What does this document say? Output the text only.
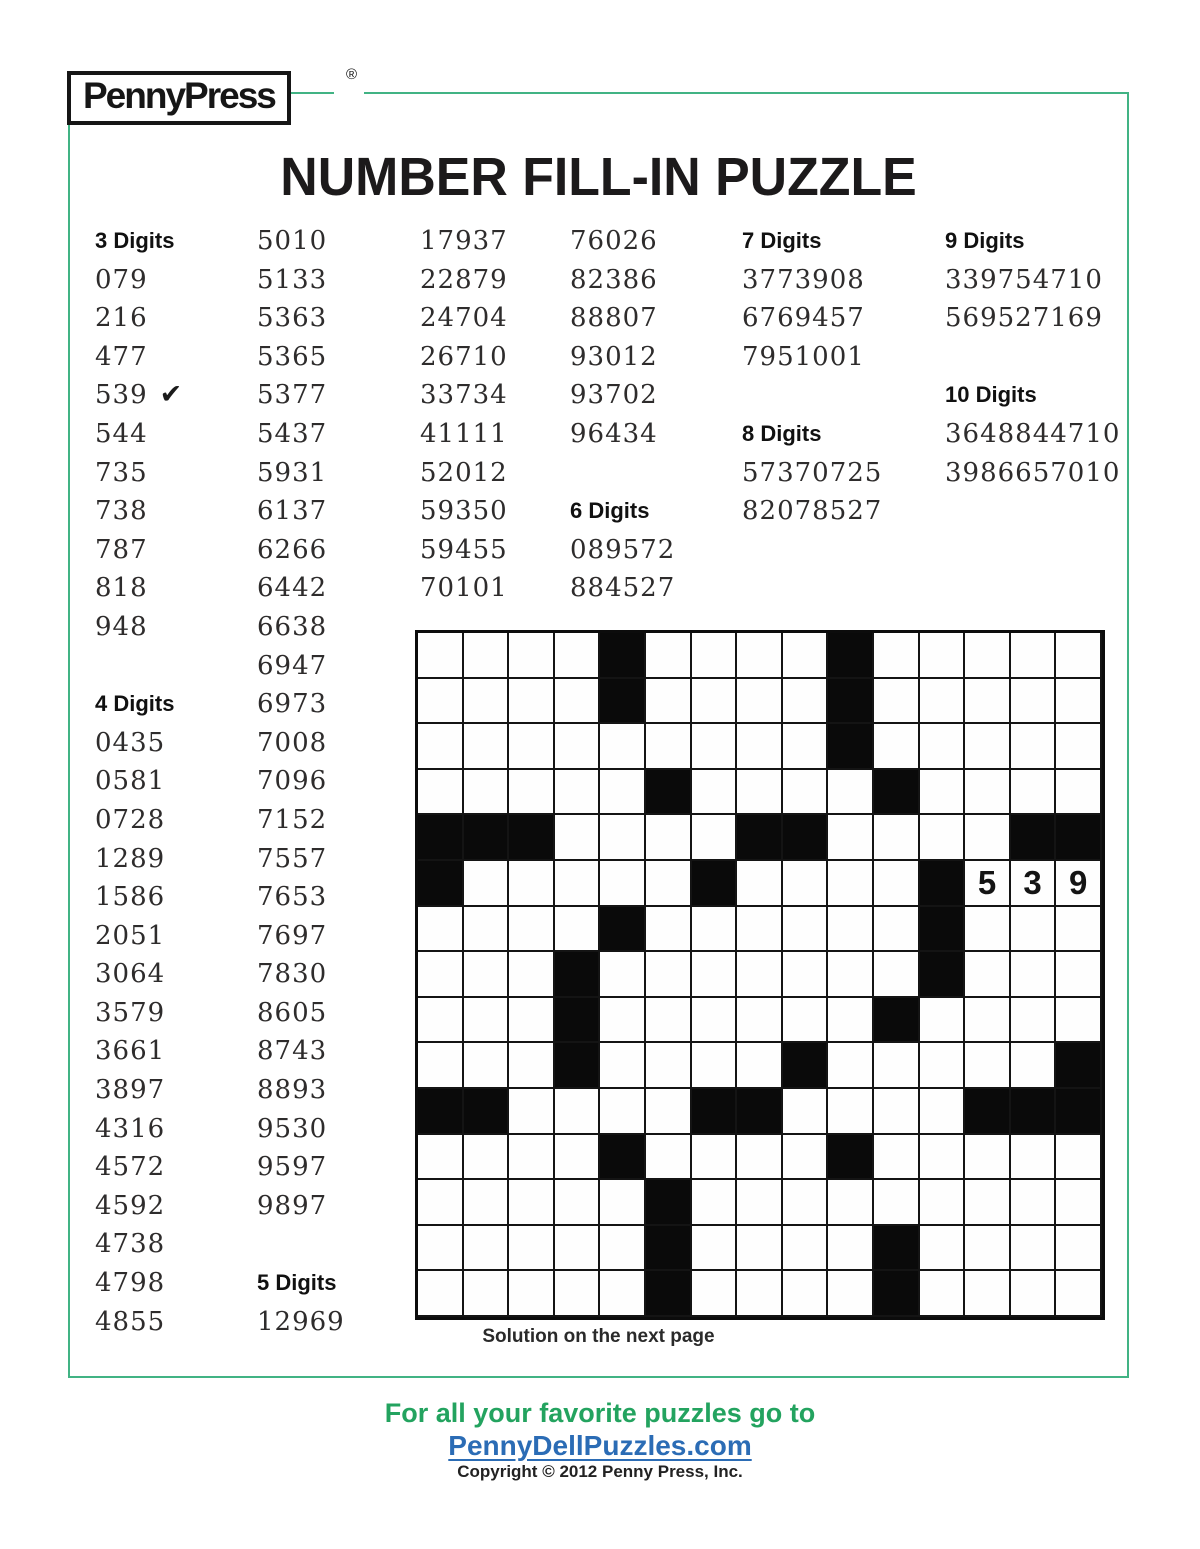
PennyPress
®
NUMBER FILL-IN PUZZLE
3 Digits
079
216
477
539 ✔
544
735
738
787
818
948
4 Digits
0435
0581
0728
1289
1586
2051
3064
3579
3661
3897
4316
4572
4592
4738
4798
4855
5010
5133
5363
5365
5377
5437
5931
6137
6266
6442
6638
6947
6973
7008
7096
7152
7557
7653
7697
7830
8605
8743
8893
9530
9597
9897
5 Digits
12969
17937
22879
24704
26710
33734
41111
52012
59350
59455
70101
76026
82386
88807
93012
93702
96434
6 Digits
089572
884527
7 Digits
3773908
6769457
7951001
8 Digits
57370725
82078527
9 Digits
339754710
569527169
10 Digits
3648844710
3986657010
5 3 9
Solution on the next page
For all your favorite puzzles go to
PennyDellPuzzles.com
Copyright © 2012 Penny Press, Inc.
